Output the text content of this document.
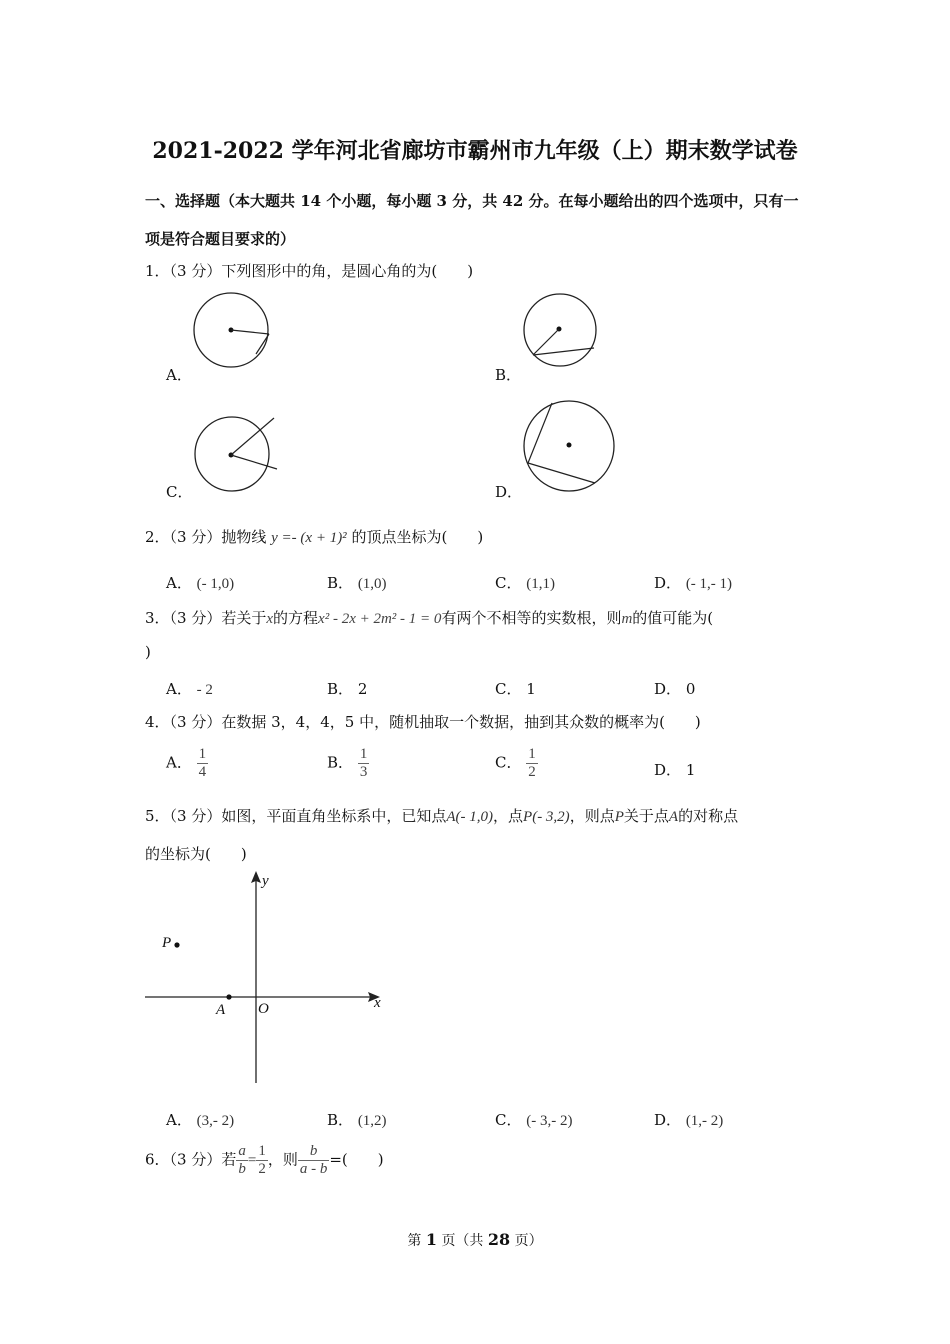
2021-2022 学年河北省廊坊市霸州市九年级（上）期末数学试卷
一、选择题（本大题共 14 个小题，每小题 3 分，共 42 分。在每小题给出的四个选项中，只有一
项是符合题目要求的）
1．（3 分）下列图形中的角，是圆心角的为(　　)
A．	B．
C．	D．
2．（3 分）抛物线 y =- (x + 1)² 的顶点坐标为(　　)
A． (- 1,0)	B． (1,0)	C． (1,1)	D． (- 1,- 1)
3．（3 分）若关于x的方程x² - 2x + 2m² - 1 = 0有两个不相等的实数根，则m的值可能为(
)
A． - 2	B． 2	C． 1	D． 0
4．（3 分）在数据 3，4，4，5 中，随机抽取一个数据，抽到其众数的概率为(　　)
A． $\frac{1}{4}$	B． $\frac{1}{3}$	C． $\frac{1}{2}$	D． 1
5．（3 分）如图，平面直角坐标系中，已知点A(- 1,0)，点P(- 3,2)，则点P关于点A的对称点
的坐标为(　　)
y
x
P
A O
A． (3,- 2)	B． (1,2)	C． (- 3,- 2)	D． (1,- 2)
6．（3 分）若 $\frac{a}{b} = \frac{1}{2}$ ，则 $\frac{b}{a - b}$ =(　　)
第 1 页（共 28 页）
